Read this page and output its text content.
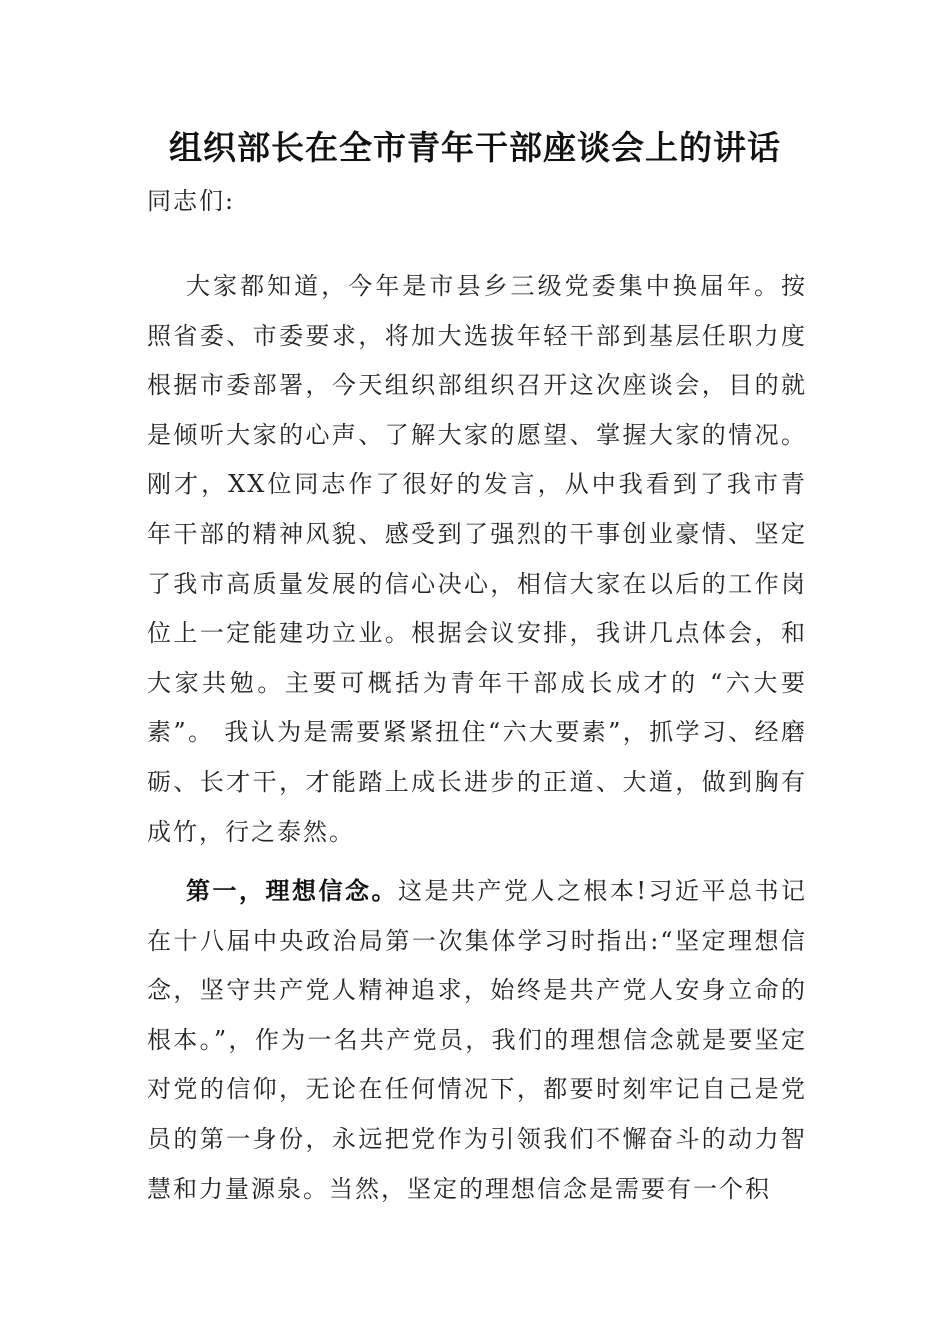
组织部长在全市青年干部座谈会上的讲话
同志们:
大家都知道，今年是市县乡三级党委集中换届年。按照省委、市委要求，将加大选拔年轻干部到基层任职力度根据市委部署，今天组织部组织召开这次座谈会，目的就是倾听大家的心声、了解大家的愿望、掌握大家的情况。刚才，XX位同志作了很好的发言，从中我看到了我市青年干部的精神风貌、感受到了强烈的干事创业豪情、坚定了我市高质量发展的信心决心，相信大家在以后的工作岗位上一定能建功立业。根据会议安排，我讲几点体会，和大家共勉。主要可概括为青年干部成长成才的 “六大要素”。 我认为是需要紧紧扭住“六大要素”，抓学习、经磨砺、长才干，才能踏上成长进步的正道、大道，做到胸有成竹，行之泰然。
第一，理想信念。这是共产党人之根本!习近平总书记在十八届中央政治局第一次集体学习时指出:“坚定理想信念，坚守共产党人精神追求，始终是共产党人安身立命的根本。”，作为一名共产党员，我们的理想信念就是要坚定对党的信仰，无论在任何情况下，都要时刻牢记自己是党员的第一身份，永远把党作为引领我们不懈奋斗的动力智慧和力量源泉。当然，坚定的理想信念是需要有一个积
